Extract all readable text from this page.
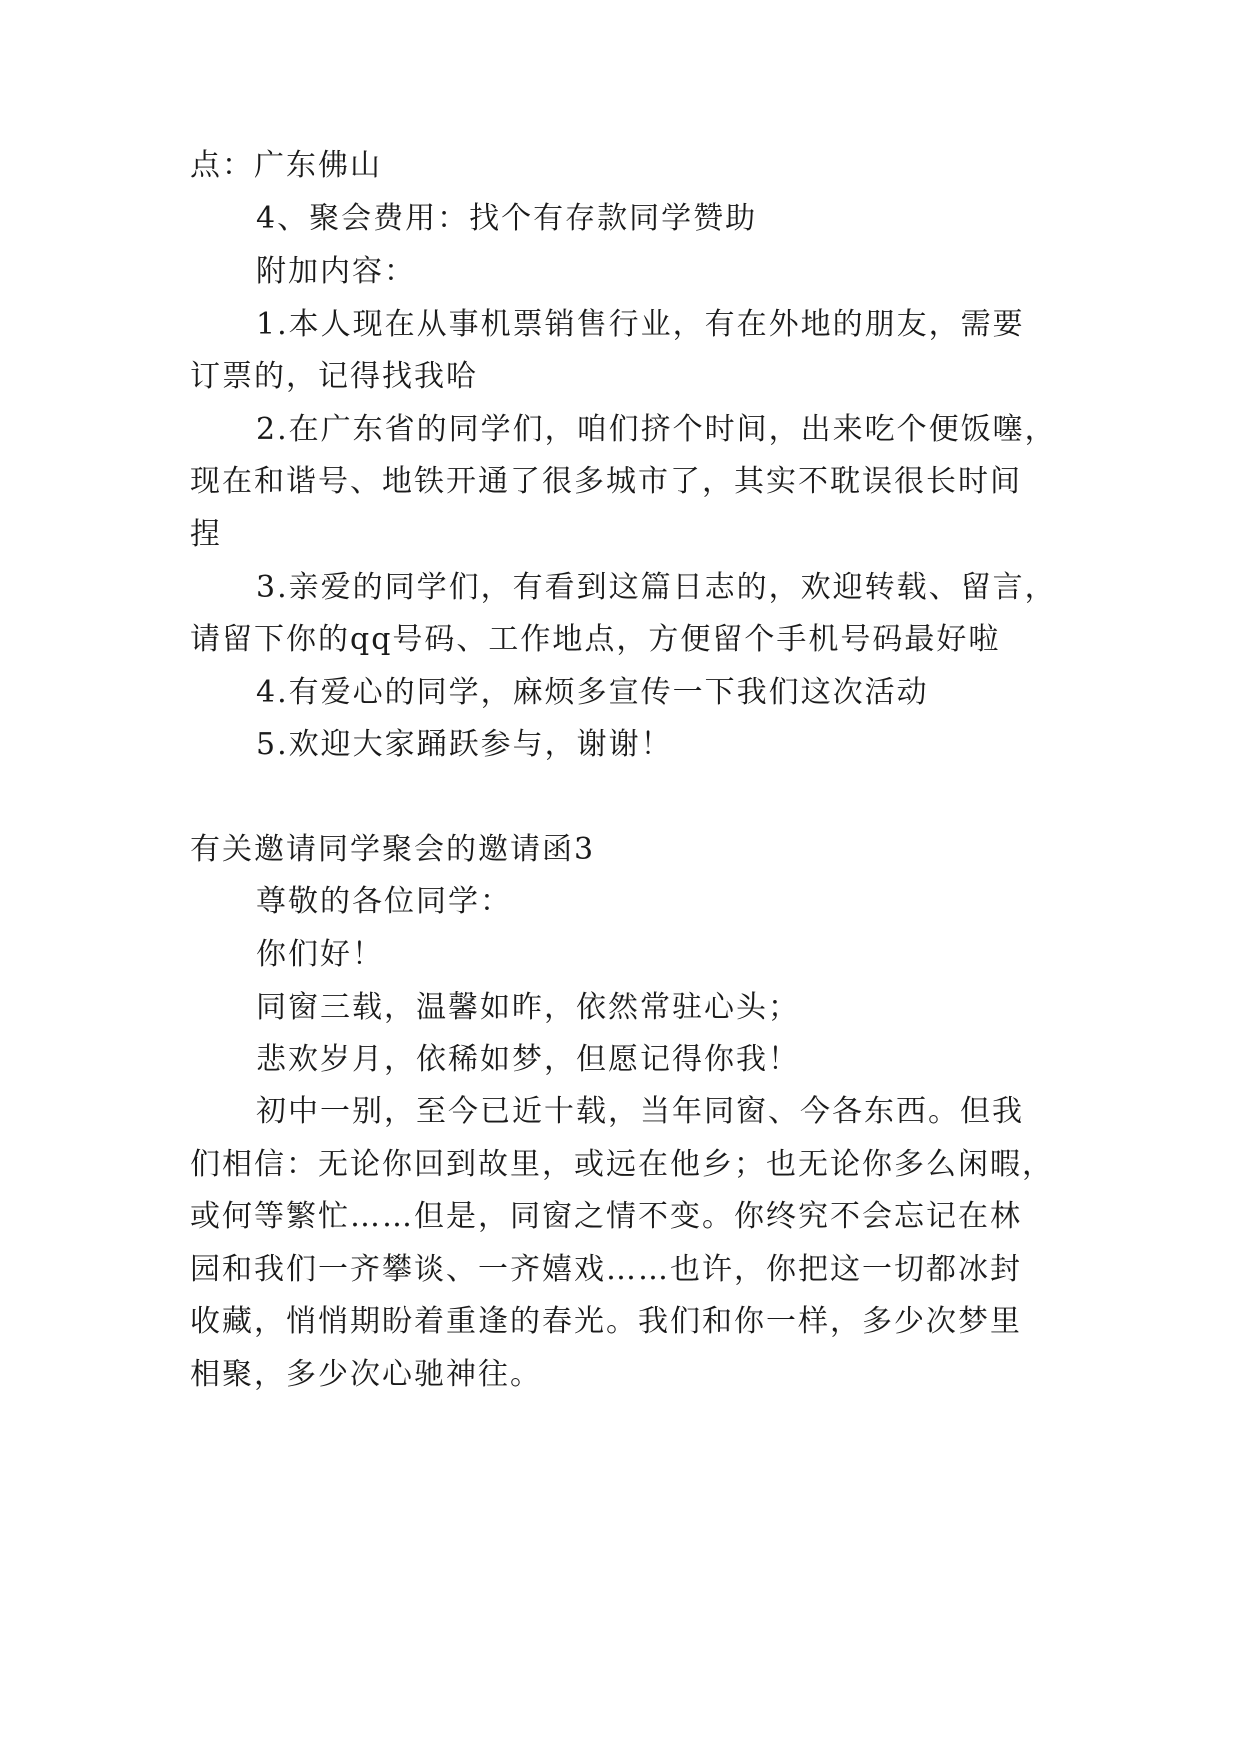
点：广东佛山
4、聚会费用：找个有存款同学赞助
附加内容：
1.本人现在从事机票销售行业，有在外地的朋友，需要
订票的，记得找我哈
2.在广东省的同学们，咱们挤个时间，出来吃个便饭噻，
现在和谐号、地铁开通了很多城市了，其实不耽误很长时间
捏
3.亲爱的同学们，有看到这篇日志的，欢迎转载、留言，
请留下你的qq号码、工作地点，方便留个手机号码最好啦
4.有爱心的同学，麻烦多宣传一下我们这次活动
5.欢迎大家踊跃参与，谢谢！
有关邀请同学聚会的邀请函3
尊敬的各位同学：
你们好！
同窗三载，温馨如昨，依然常驻心头；
悲欢岁月，依稀如梦，但愿记得你我！
初中一别，至今已近十载，当年同窗、今各东西。但我
们相信：无论你回到故里，或远在他乡；也无论你多么闲暇，
或何等繁忙……但是，同窗之情不变。你终究不会忘记在林
园和我们一齐攀谈、一齐嬉戏……也许，你把这一切都冰封
收藏，悄悄期盼着重逢的春光。我们和你一样，多少次梦里
相聚，多少次心驰神往。
